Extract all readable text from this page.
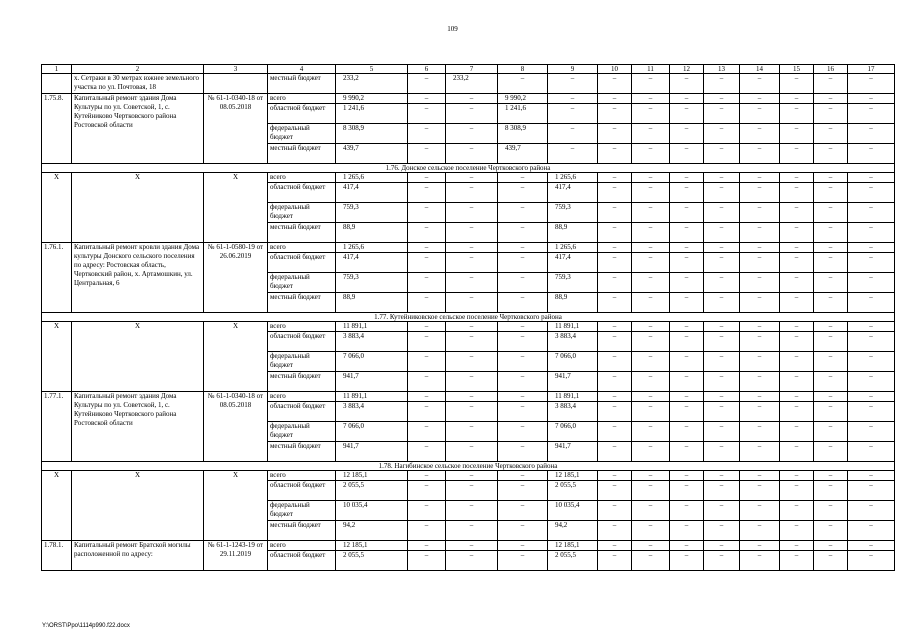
109
1	2	3	4	5	6	7	8	9	10	11	12	13	14	15	16	17
	х. Сетраки в 30 метрах южнее земельного участка по ул. Почтовая, 18		местный бюджет	233,2	–	233,2	–	–	–	–	–	–	–	–	–	–
1.75.8.	Капитальный ремонт здания Дома Культуры по ул. Советской, 1, с. Кутейниково Чертковского района Ростовской области	№ 61-1-0340-18 от 08.05.2018	всего	9 990,2	–	–	9 990,2	–	–	–	–	–	–	–	–	–
			областной бюджет	1 241,6	–	–	1 241,6	–	–	–	–	–	–	–	–	–
			федеральный бюджет	8 308,9	–	–	8 308,9	–	–	–	–	–	–	–	–	–
			местный бюджет	439,7	–	–	439,7	–	–	–	–	–	–	–	–	–
1.76. Донское сельское поселение Чертковского района																
X	X	X	всего	1 265,6	–	–	–	1 265,6	–	–	–	–	–	–	–	–
			областной бюджет	417,4	–	–	–	417,4	–	–	–	–	–	–	–	–
			федеральный бюджет	759,3	–	–	–	759,3	–	–	–	–	–	–	–	–
			местный бюджет	88,9	–	–	–	88,9	–	–	–	–	–	–	–	–
1.76.1.	Капитальный ремонт кровли здания Дома культуры Донского сельского поселения по адресу: Ростовская область, Чертковский район, х. Артамошкин, ул. Центральная, 6	№ 61-1-0580-19 от 26.06.2019	всего	1 265,6	–	–	–	1 265,6	–	–	–	–	–	–	–	–
			областной бюджет	417,4	–	–	–	417,4	–	–	–	–	–	–	–	–
			федеральный бюджет	759,3	–	–	–	759,3	–	–	–	–	–	–	–	–
			местный бюджет	88,9	–	–	–	88,9	–	–	–	–	–	–	–	–
1.77. Кутейниковское сельское поселение Чертковского района																
X	X	X	всего	11 891,1	–	–	–	11 891,1	–	–	–	–	–	–	–	–
			областной бюджет	3 883,4	–	–	–	3 883,4	–	–	–	–	–	–	–	–
			федеральный бюджет	7 066,0	–	–	–	7 066,0	–	–	–	–	–	–	–	–
			местный бюджет	941,7	–	–	–	941,7	–	–	–	–	–	–	–	–
1.77.1.	Капитальный ремонт здания Дома Культуры по ул. Советской, 1, с. Кутейниково Чертковского района Ростовской области	№ 61-1-0340-18 от 08.05.2018	всего	11 891,1	–	–	–	11 891,1	–	–	–	–	–	–	–	–
			областной бюджет	3 883,4	–	–	–	3 883,4	–	–	–	–	–	–	–	–
			федеральный бюджет	7 066,0	–	–	–	7 066,0	–	–	–	–	–	–	–	–
			местный бюджет	941,7	–	–	–	941,7	–	–	–	–	–	–	–	–
1.78. Нагибинское сельское поселение Чертковского района																
X	X	X	всего	12 185,1	–	–	–	12 185,1	–	–	–	–	–	–	–	–
			областной бюджет	2 055,5	–	–	–	2 055,5	–	–	–	–	–	–	–	–
			федеральный бюджет	10 035,4	–	–	–	10 035,4	–	–	–	–	–	–	–	–
			местный бюджет	94,2	–	–	–	94,2	–	–	–	–	–	–	–	–
1.78.1.	Капитальный ремонт Братской могилы расположенной по адресу:	№ 61-1-1243-19 от 29.11.2019	всего	12 185,1	–	–	–	12 185,1	–	–	–	–	–	–	–	–
			областной бюджет	2 055,5	–	–	–	2 055,5	–	–	–	–	–	–	–	–
Y:\ORST\Ppo\1114p990.f22.docx
